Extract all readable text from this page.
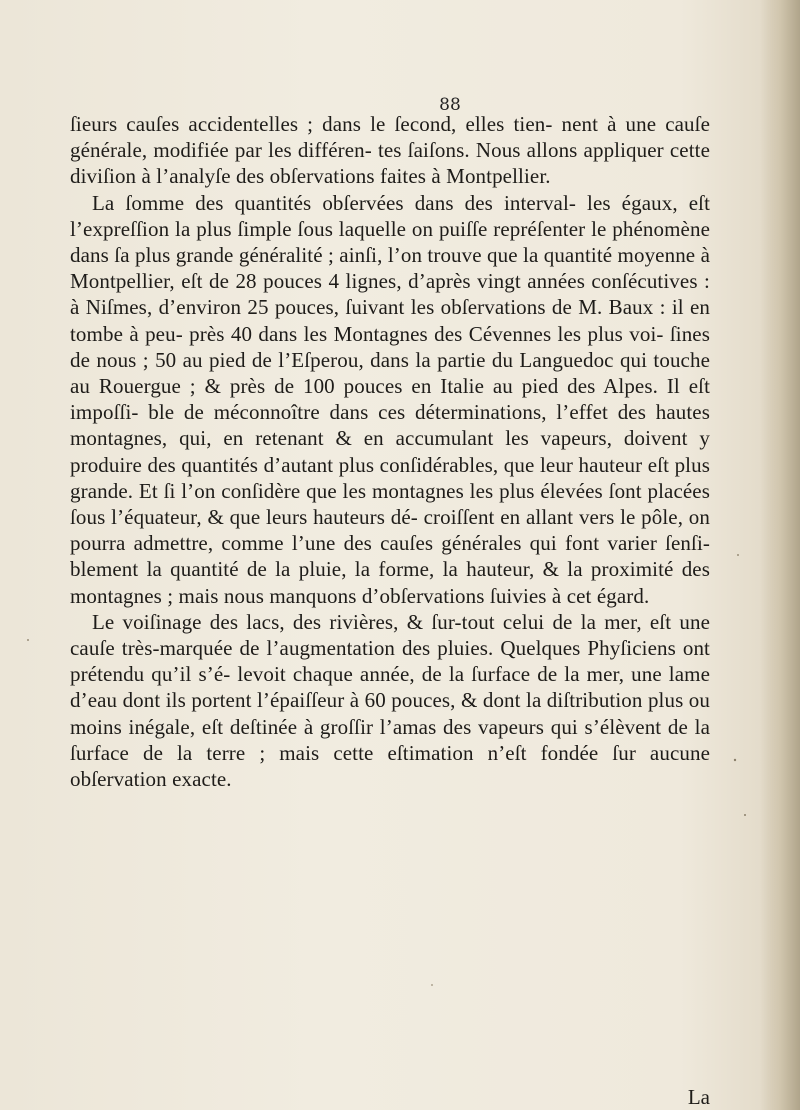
88

ſieurs cauſes accidentelles ; dans le ſecond, elles tien- nent à une cauſe générale, modifiée par les différen- tes ſaiſons. Nous allons appliquer cette diviſion à l’analyſe des obſervations faites à Montpellier.

La ſomme des quantités obſervées dans des interval- les égaux, eſt l’expreſſion la plus ſimple ſous laquelle on puiſſe repréſenter le phénomène dans ſa plus grande généralité ; ainſi, l’on trouve que la quantité moyenne à Montpellier, eſt de 28 pouces 4 lignes, d’après vingt années conſécutives : à Niſmes, d’environ 25 pouces, ſuivant les obſervations de M. Baux : il en tombe à peu- près 40 dans les Montagnes des Cévennes les plus voi- ſines de nous ; 50 au pied de l’Eſperou, dans la partie du Languedoc qui touche au Rouergue ; & près de 100 pouces en Italie au pied des Alpes. Il eſt impoſſi- ble de méconnoître dans ces déterminations, l’effet des hautes montagnes, qui, en retenant & en accumulant les vapeurs, doivent y produire des quantités d’autant plus conſidérables, que leur hauteur eſt plus grande. Et ſi l’on conſidère que les montagnes les plus élevées ſont placées ſous l’équateur, & que leurs hauteurs dé- croiſſent en allant vers le pôle, on pourra admettre, comme l’une des cauſes générales qui font varier ſenſi- blement la quantité de la pluie, la forme, la hauteur, & la proximité des montagnes ; mais nous manquons d’obſervations ſuivies à cet égard.

Le voiſinage des lacs, des rivières, & ſur-tout celui de la mer, eſt une cauſe très-marquée de l’augmentation des pluies. Quelques Phyſiciens ont prétendu qu’il s’é- levoit chaque année, de la ſurface de la mer, une lame d’eau dont ils portent l’épaiſſeur à 60 pouces, & dont la diſtribution plus ou moins inégale, eſt deſtinée à groſſir l’amas des vapeurs qui s’élèvent de la ſurface de la terre ; mais cette eſtimation n’eſt fondée ſur aucune obſervation exacte.

La
